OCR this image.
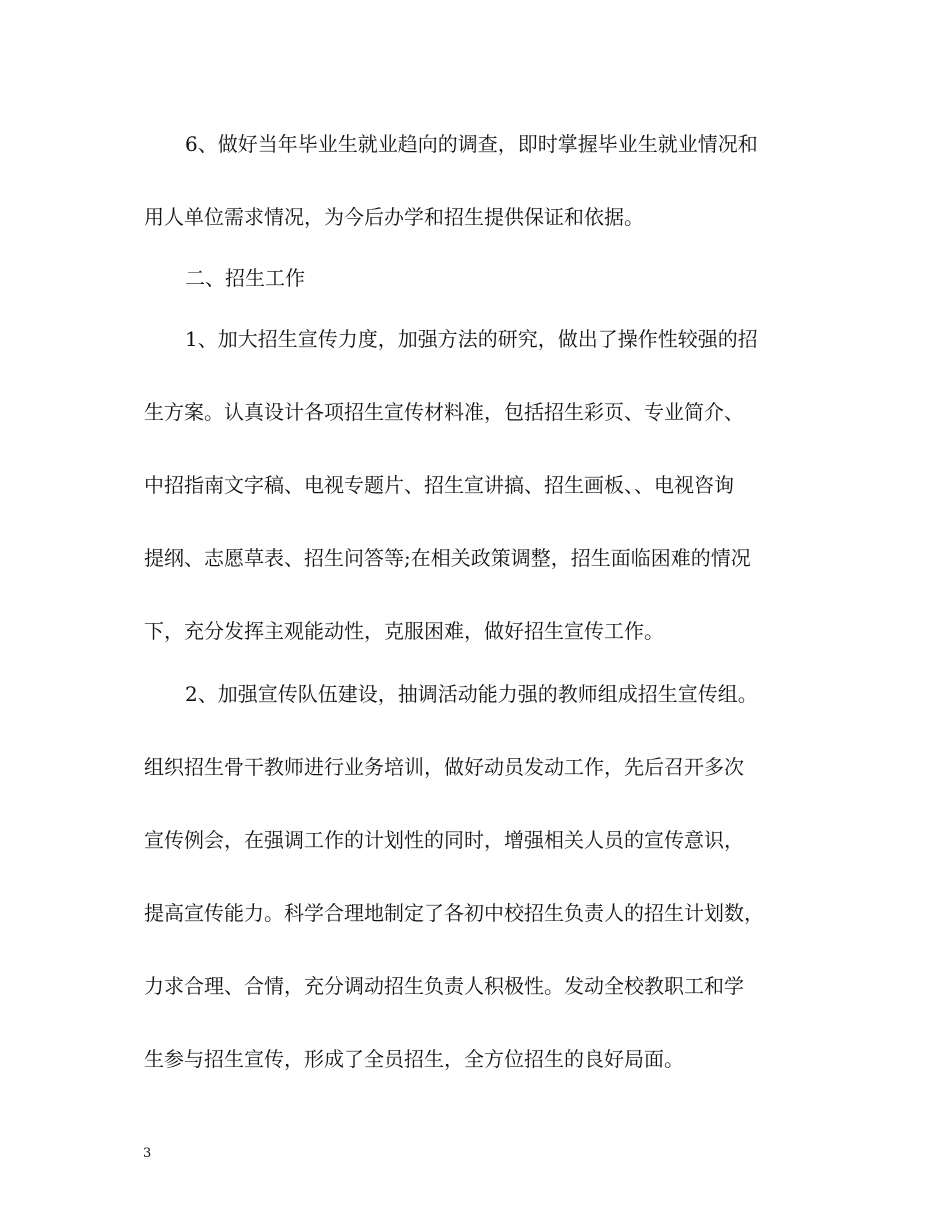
6、做好当年毕业生就业趋向的调查，即时掌握毕业生就业情况和
用人单位需求情况，为今后办学和招生提供保证和依据。
二、招生工作
1、加大招生宣传力度，加强方法的研究，做出了操作性较强的招
生方案。认真设计各项招生宣传材料准，包括招生彩页、专业简介、
中招指南文字稿、电视专题片、招生宣讲搞、招生画板、、电视咨询
提纲、志愿草表、招生问答等;在相关政策调整，招生面临困难的情况
下，充分发挥主观能动性，克服困难，做好招生宣传工作。
2、加强宣传队伍建设，抽调活动能力强的教师组成招生宣传组。
组织招生骨干教师进行业务培训，做好动员发动工作，先后召开多次
宣传例会，在强调工作的计划性的同时，增强相关人员的宣传意识，
提高宣传能力。科学合理地制定了各初中校招生负责人的招生计划数，
力求合理、合情，充分调动招生负责人积极性。发动全校教职工和学
生参与招生宣传，形成了全员招生，全方位招生的良好局面。
3
